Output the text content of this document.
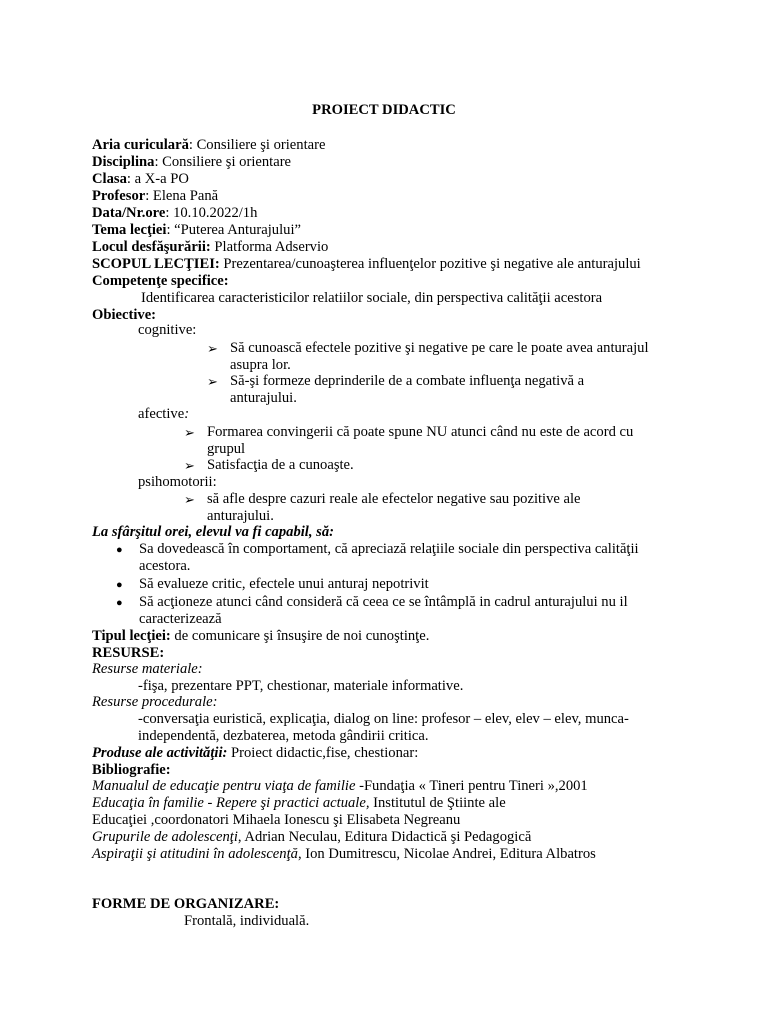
PROIECT DIDACTIC
Aria curiculară: Consiliere şi orientare
Disciplina: Consiliere şi orientare
Clasa: a X-a PO
Profesor: Elena Pană
Data/Nr.ore: 10.10.2022/1h
Tema lecţiei: “Puterea Anturajului”
Locul desfăşurării: Platforma Adservio
SCOPUL LECŢIEI: Prezentarea/cunoaşterea influenţelor pozitive şi negative ale anturajului
Competenţe specifice:
Identificarea caracteristicilor relatiilor sociale, din perspectiva calităţii acestora
Obiective:
cognitive:
➢ Să cunoască efectele pozitive şi negative pe care le poate avea anturajul
asupra lor.
➢ Să-şi formeze deprinderile de a combate influenţa negativă a
anturajului.
afective:
➢ Formarea convingerii că poate spune NU atunci când nu este de acord cu
grupul
➢ Satisfacţia de a cunoaşte.
psihomotorii:
➢ să afle despre cazuri reale ale efectelor negative sau pozitive ale
anturajului.
La sfârşitul orei, elevul va fi capabil, să:
● Sa dovedească în comportament, că apreciază relaţiile sociale din perspectiva calităţii
acestora.
● Să evalueze critic, efectele unui anturaj nepotrivit
● Să acţioneze atunci când consideră că ceea ce se întâmplă in cadrul anturajului nu il
caracterizează
Tipul lecţiei: de comunicare şi însuşire de noi cunoştinţe.
RESURSE:
Resurse materiale:
-fişa, prezentare PPT, chestionar, materiale informative.
Resurse procedurale:
-conversaţia euristică, explicaţia, dialog on line: profesor – elev, elev – elev, munca-
independentă, dezbaterea, metoda gândirii critica.
Produse ale activităţii: Proiect didactic,fise, chestionar:
Bibliografie:
Manualul de educaţie pentru viaţa de familie -Fundaţia « Tineri pentru Tineri »,2001
Educaţia în familie - Repere şi practici actuale, Institutul de Ştiinte ale
Educaţiei ,coordonatori Mihaela Ionescu şi Elisabeta Negreanu
Grupurile de adolescenţi, Adrian Neculau, Editura Didactică şi Pedagogică
Aspiraţii şi atitudini în adolescenţă, Ion Dumitrescu, Nicolae Andrei, Editura Albatros
FORME DE ORGANIZARE:
Frontală, individuală.
